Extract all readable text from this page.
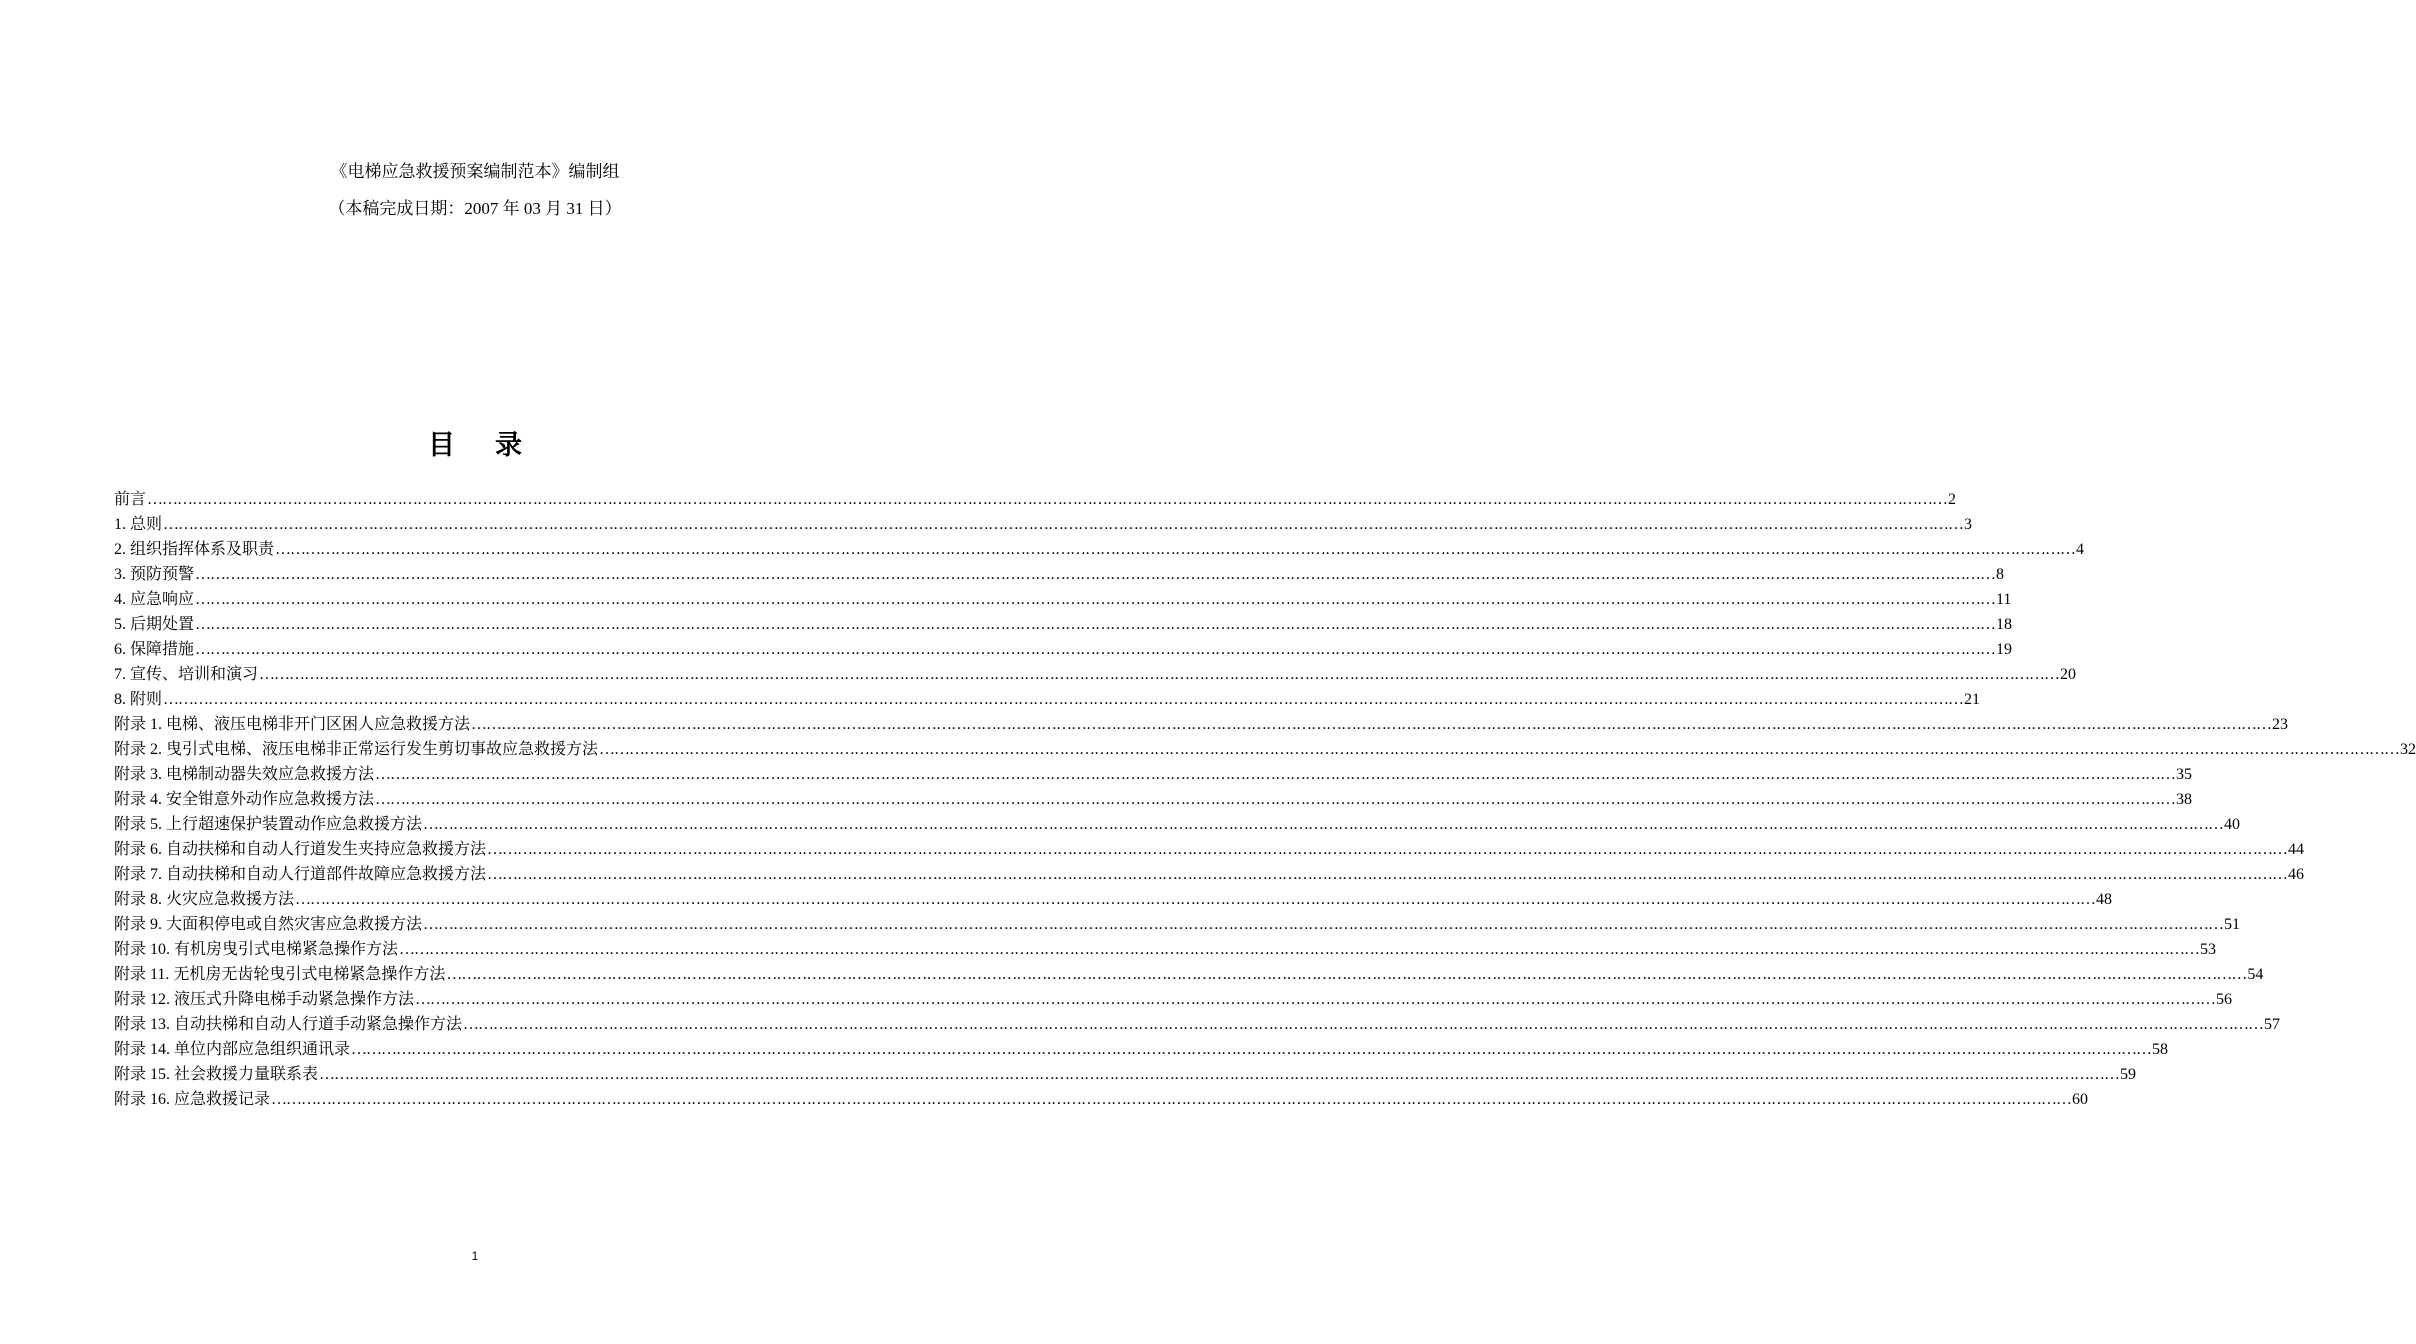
《电梯应急救援预案编制范本》编制组
（本稿完成日期：2007 年 03 月 31 日）
目 录
前言 ……………………………………………………………………………………………………………………………………………………………………………………………………………………………………………………………………………………………………………………………… 2
1. 总则 ……………………………………………………………………………………………………………………………………………………………………………………………………………………………………………………………………………………………………………………………… 3
2. 组织指挥体系及职责 ……………………………………………………………………………………………………………………………………………………………………………………………………………………………………………………………………………………………………………………………… 4
3. 预防预警 ……………………………………………………………………………………………………………………………………………………………………………………………………………………………………………………………………………………………………………………………… 8
4. 应急响应 ……………………………………………………………………………………………………………………………………………………………………………………………………………………………………………………………………………………………………………………………… 11
5. 后期处置 ……………………………………………………………………………………………………………………………………………………………………………………………………………………………………………………………………………………………………………………………… 18
6. 保障措施 ……………………………………………………………………………………………………………………………………………………………………………………………………………………………………………………………………………………………………………………………… 19
7. 宣传、培训和演习 ……………………………………………………………………………………………………………………………………………………………………………………………………………………………………………………………………………………………………………………………… 20
8. 附则 ……………………………………………………………………………………………………………………………………………………………………………………………………………………………………………………………………………………………………………………………… 21
附录 1. 电梯、液压电梯非开门区困人应急救援方法 ……………………………………………………………………………………………………………………………………………………………………………………………………………………………………………………………………………………………………………………………… 23
附录 2. 曳引式电梯、液压电梯非正常运行发生剪切事故应急救援方法 ……………………………………………………………………………………………………………………………………………………………………………………………………………………………………………………………………………………………………………………………… 32
附录 3. 电梯制动器失效应急救援方法 ……………………………………………………………………………………………………………………………………………………………………………………………………………………………………………………………………………………………………………………………… 35
附录 4. 安全钳意外动作应急救援方法 ……………………………………………………………………………………………………………………………………………………………………………………………………………………………………………………………………………………………………………………………… 38
附录 5. 上行超速保护装置动作应急救援方法 ……………………………………………………………………………………………………………………………………………………………………………………………………………………………………………………………………………………………………………………………… 40
附录 6. 自动扶梯和自动人行道发生夹持应急救援方法 ……………………………………………………………………………………………………………………………………………………………………………………………………………………………………………………………………………………………………………………………… 44
附录 7. 自动扶梯和自动人行道部件故障应急救援方法 ……………………………………………………………………………………………………………………………………………………………………………………………………………………………………………………………………………………………………………………………… 46
附录 8. 火灾应急救援方法 ……………………………………………………………………………………………………………………………………………………………………………………………………………………………………………………………………………………………………………………………… 48
附录 9. 大面积停电或自然灾害应急救援方法 ……………………………………………………………………………………………………………………………………………………………………………………………………………………………………………………………………………………………………………………………… 51
附录 10. 有机房曳引式电梯紧急操作方法 ……………………………………………………………………………………………………………………………………………………………………………………………………………………………………………………………………………………………………………………………… 53
附录 11. 无机房无齿轮曳引式电梯紧急操作方法 ……………………………………………………………………………………………………………………………………………………………………………………………………………………………………………………………………………………………………………………………… 54
附录 12. 液压式升降电梯手动紧急操作方法 ……………………………………………………………………………………………………………………………………………………………………………………………………………………………………………………………………………………………………………………………… 56
附录 13. 自动扶梯和自动人行道手动紧急操作方法 ……………………………………………………………………………………………………………………………………………………………………………………………………………………………………………………………………………………………………………………………… 57
附录 14. 单位内部应急组织通讯录 ……………………………………………………………………………………………………………………………………………………………………………………………………………………………………………………………………………………………………………………………… 58
附录 15. 社会救援力量联系表 ……………………………………………………………………………………………………………………………………………………………………………………………………………………………………………………………………………………………………………………………… 59
附录 16. 应急救援记录 ……………………………………………………………………………………………………………………………………………………………………………………………………………………………………………………………………………………………………………………………… 60
1
